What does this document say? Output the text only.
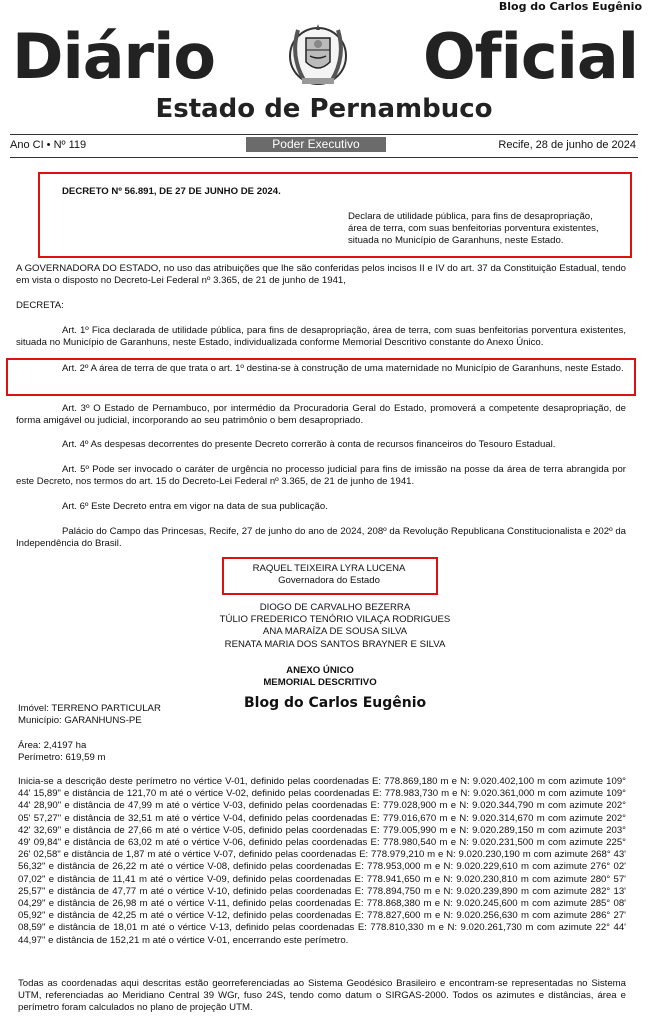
Blog do Carlos Eugênio
Diário	Oficial
Estado de Pernambuco
Ano CI • Nº 119	Poder Executivo	Recife, 28 de junho de 2024
DECRETO Nº 56.891, DE 27 DE JUNHO DE 2024.
Declara de utilidade pública, para fins de desapropriação,
área de terra, com suas benfeitorias porventura existentes,
situada no Município de Garanhuns, neste Estado.
A GOVERNADORA DO ESTADO, no uso das atribuições que lhe são conferidas pelos incisos II e IV do art. 37 da Constituição Estadual, tendo em vista o disposto no Decreto-Lei Federal nº 3.365, de 21 de junho de 1941,
DECRETA:
Art. 1º Fica declarada de utilidade pública, para fins de desapropriação, área de terra, com suas benfeitorias porventura existentes, situada no Município de Garanhuns, neste Estado, individualizada conforme Memorial Descritivo constante do Anexo Único.
Art. 2º A área de terra de que trata o art. 1º destina-se à construção de uma maternidade no Município de Garanhuns, neste Estado.
Art. 3º O Estado de Pernambuco, por intermédio da Procuradoria Geral do Estado, promoverá a competente desapropriação, de forma amigável ou judicial, incorporando ao seu patrimônio o bem desapropriado.
Art. 4º As despesas decorrentes do presente Decreto correrão à conta de recursos financeiros do Tesouro Estadual.
Art. 5º Pode ser invocado o caráter de urgência no processo judicial para fins de imissão na posse da área de terra abrangida por este Decreto, nos termos do art. 15 do Decreto-Lei Federal nº 3.365, de 21 de junho de 1941.
Art. 6º Este Decreto entra em vigor na data de sua publicação.
Palácio do Campo das Princesas, Recife, 27 de junho do ano de 2024, 208º da Revolução Republicana Constitucionalista e 202º da Independência do Brasil.
RAQUEL TEIXEIRA LYRA LUCENA
Governadora do Estado
DIOGO DE CARVALHO BEZERRA
TÚLIO FREDERICO TENÓRIO VILAÇA RODRIGUES
ANA MARAÍZA DE SOUSA SILVA
RENATA MARIA DOS SANTOS BRAYNER E SILVA
ANEXO ÚNICO
MEMORIAL DESCRITIVO
Blog do Carlos Eugênio
Imóvel: TERRENO PARTICULAR
Município: GARANHUNS-PE
Área: 2,4197 ha
Perímetro: 619,59 m
Inicia-se a descrição deste perímetro no vértice V-01, definido pelas coordenadas E: 778.869,180 m e N: 9.020.402,100 m com azimute 109° 44' 15,89" e distância de 121,70 m até o vértice V-02, definido pelas coordenadas E: 778.983,730 m e N: 9.020.361,000 m com azimute 109° 44' 28,90" e distância de 47,99 m até o vértice V-03, definido pelas coordenadas E: 779.028,900 m e N: 9.020.344,790 m com azimute 202° 05' 57,27" e distância de 32,51 m até o vértice V-04, definido pelas coordenadas E: 779.016,670 m e N: 9.020.314,670 m com azimute 202° 42' 32,69" e distância de 27,66 m até o vértice V-05, definido pelas coordenadas E: 779.005,990 m e N: 9.020.289,150 m com azimute 203° 49' 09,84" e distância de 63,02 m até o vértice V-06, definido pelas coordenadas E: 778.980,540 m e N: 9.020.231,500 m com azimute 225° 26' 02,58" e distância de 1,87 m até o vértice V-07, definido pelas coordenadas E: 778.979,210 m e N: 9.020.230,190 m com azimute 268° 43' 56,32" e distância de 26,22 m até o vértice V-08, definido pelas coordenadas E: 778.953,000 m e N: 9.020.229,610 m com azimute 276° 02' 07,02" e distância de 11,41 m até o vértice V-09, definido pelas coordenadas E: 778.941,650 m e N: 9.020.230,810 m com azimute 280° 57' 25,57" e distância de 47,77 m até o vértice V-10, definido pelas coordenadas E: 778.894,750 m e N: 9.020.239,890 m com azimute 282° 13' 04,29" e distância de 26,98 m até o vértice V-11, definido pelas coordenadas E: 778.868,380 m e N: 9.020.245,600 m com azimute 285° 08' 05,92" e distância de 42,25 m até o vértice V-12, definido pelas coordenadas E: 778.827,600 m e N: 9.020.256,630 m com azimute 286° 27' 08,59" e distância de 18,01 m até o vértice V-13, definido pelas coordenadas E: 778.810,330 m e N: 9.020.261,730 m com azimute 22° 44' 44,97" e distância de 152,21 m até o vértice V-01, encerrando este perímetro.
Todas as coordenadas aqui descritas estão georreferenciadas ao Sistema Geodésico Brasileiro e encontram-se representadas no Sistema UTM, referenciadas ao Meridiano Central 39 WGr, fuso 24S, tendo como datum o SIRGAS-2000. Todos os azimutes e distâncias, área e perímetro foram calculados no plano de projeção UTM.
